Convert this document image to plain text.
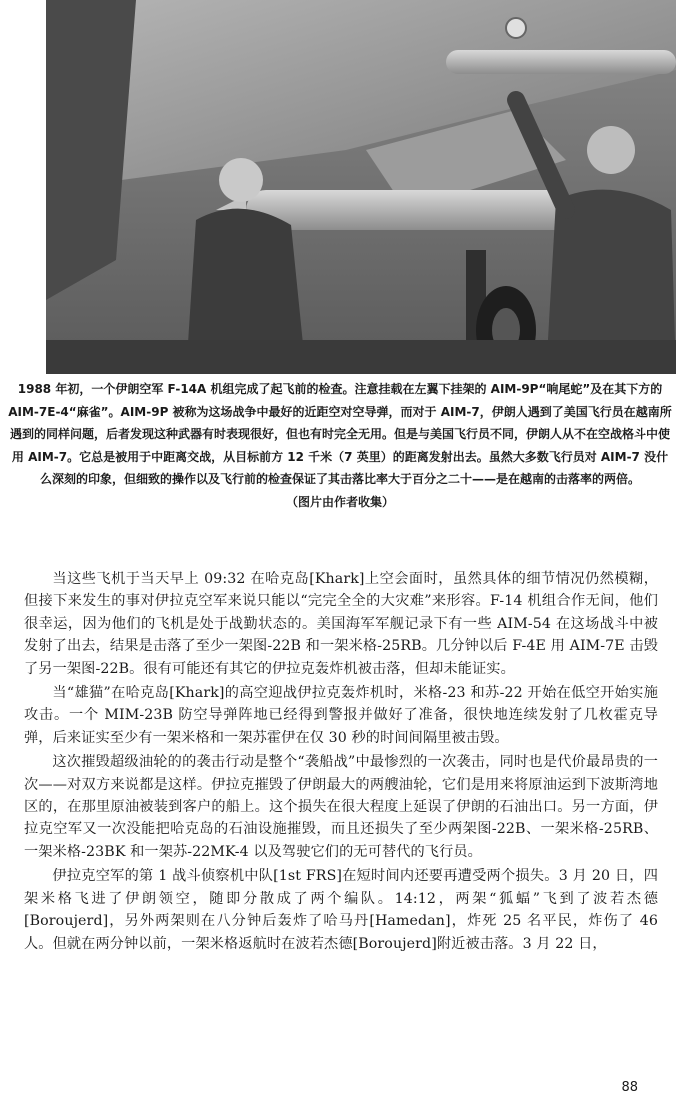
1988 年初，一个伊朗空军 F-14A 机组完成了起飞前的检查。注意挂载在左翼下挂架的 AIM-9P“响尾蛇”及在其下方的 AIM-7E-4“麻雀”。AIM-9P 被称为这场战争中最好的近距空对空导弹，而对于 AIM-7，伊朗人遇到了美国飞行员在越南所遇到的同样问题，后者发现这种武器有时表现很好，但也有时完全无用。但是与美国飞行员不同，伊朗人从不在空战格斗中使用 AIM-7。它总是被用于中距离交战，从目标前方 12 千米（7 英里）的距离发射出去。虽然大多数飞行员对 AIM-7 没什么深刻的印象，但细致的操作以及飞行前的检查保证了其击落比率大于百分之二十——是在越南的击落率的两倍。
（图片由作者收集）

当这些飞机于当天早上 09:32 在哈克岛[Khark]上空会面时，虽然具体的细节情况仍然模糊，但接下来发生的事对伊拉克空军来说只能以“完完全全的大灾难”来形容。F-14 机组合作无间，他们很幸运，因为他们的飞机是处于战勤状态的。美国海军军舰记录下有一些 AIM-54 在这场战斗中被发射了出去，结果是击落了至少一架图-22B 和一架米格-25RB。几分钟以后 F-4E 用 AIM-7E 击毁了另一架图-22B。很有可能还有其它的伊拉克轰炸机被击落，但却未能证实。

当“雄猫”在哈克岛[Khark]的高空迎战伊拉克轰炸机时，米格-23 和苏-22 开始在低空开始实施攻击。一个 MIM-23B 防空导弹阵地已经得到警报并做好了准备，很快地连续发射了几枚霍克导弹，后来证实至少有一架米格和一架苏霍伊在仅 30 秒的时间间隔里被击毁。

这次摧毁超级油轮的的袭击行动是整个“袭船战”中最惨烈的一次袭击，同时也是代价最昂贵的一次——对双方来说都是这样。伊拉克摧毁了伊朗最大的两艘油轮，它们是用来将原油运到下波斯湾地区的，在那里原油被装到客户的船上。这个损失在很大程度上延误了伊朗的石油出口。另一方面，伊拉克空军又一次没能把哈克岛的石油设施摧毁，而且还损失了至少两架图-22B、一架米格-25RB、一架米格-23BK 和一架苏-22MK-4 以及驾驶它们的无可替代的飞行员。

伊拉克空军的第 1 战斗侦察机中队[1st FRS]在短时间内还要再遭受两个损失。3 月 20 日，四架米格飞进了伊朗领空，随即分散成了两个编队。14:12，两架“狐蝠”飞到了波若杰德[Boroujerd]，另外两架则在八分钟后轰炸了哈马丹[Hamedan]，炸死 25 名平民，炸伤了 46 人。但就在两分钟以前，一架米格返航时在波若杰德[Boroujerd]附近被击落。3 月 22 日，

88
